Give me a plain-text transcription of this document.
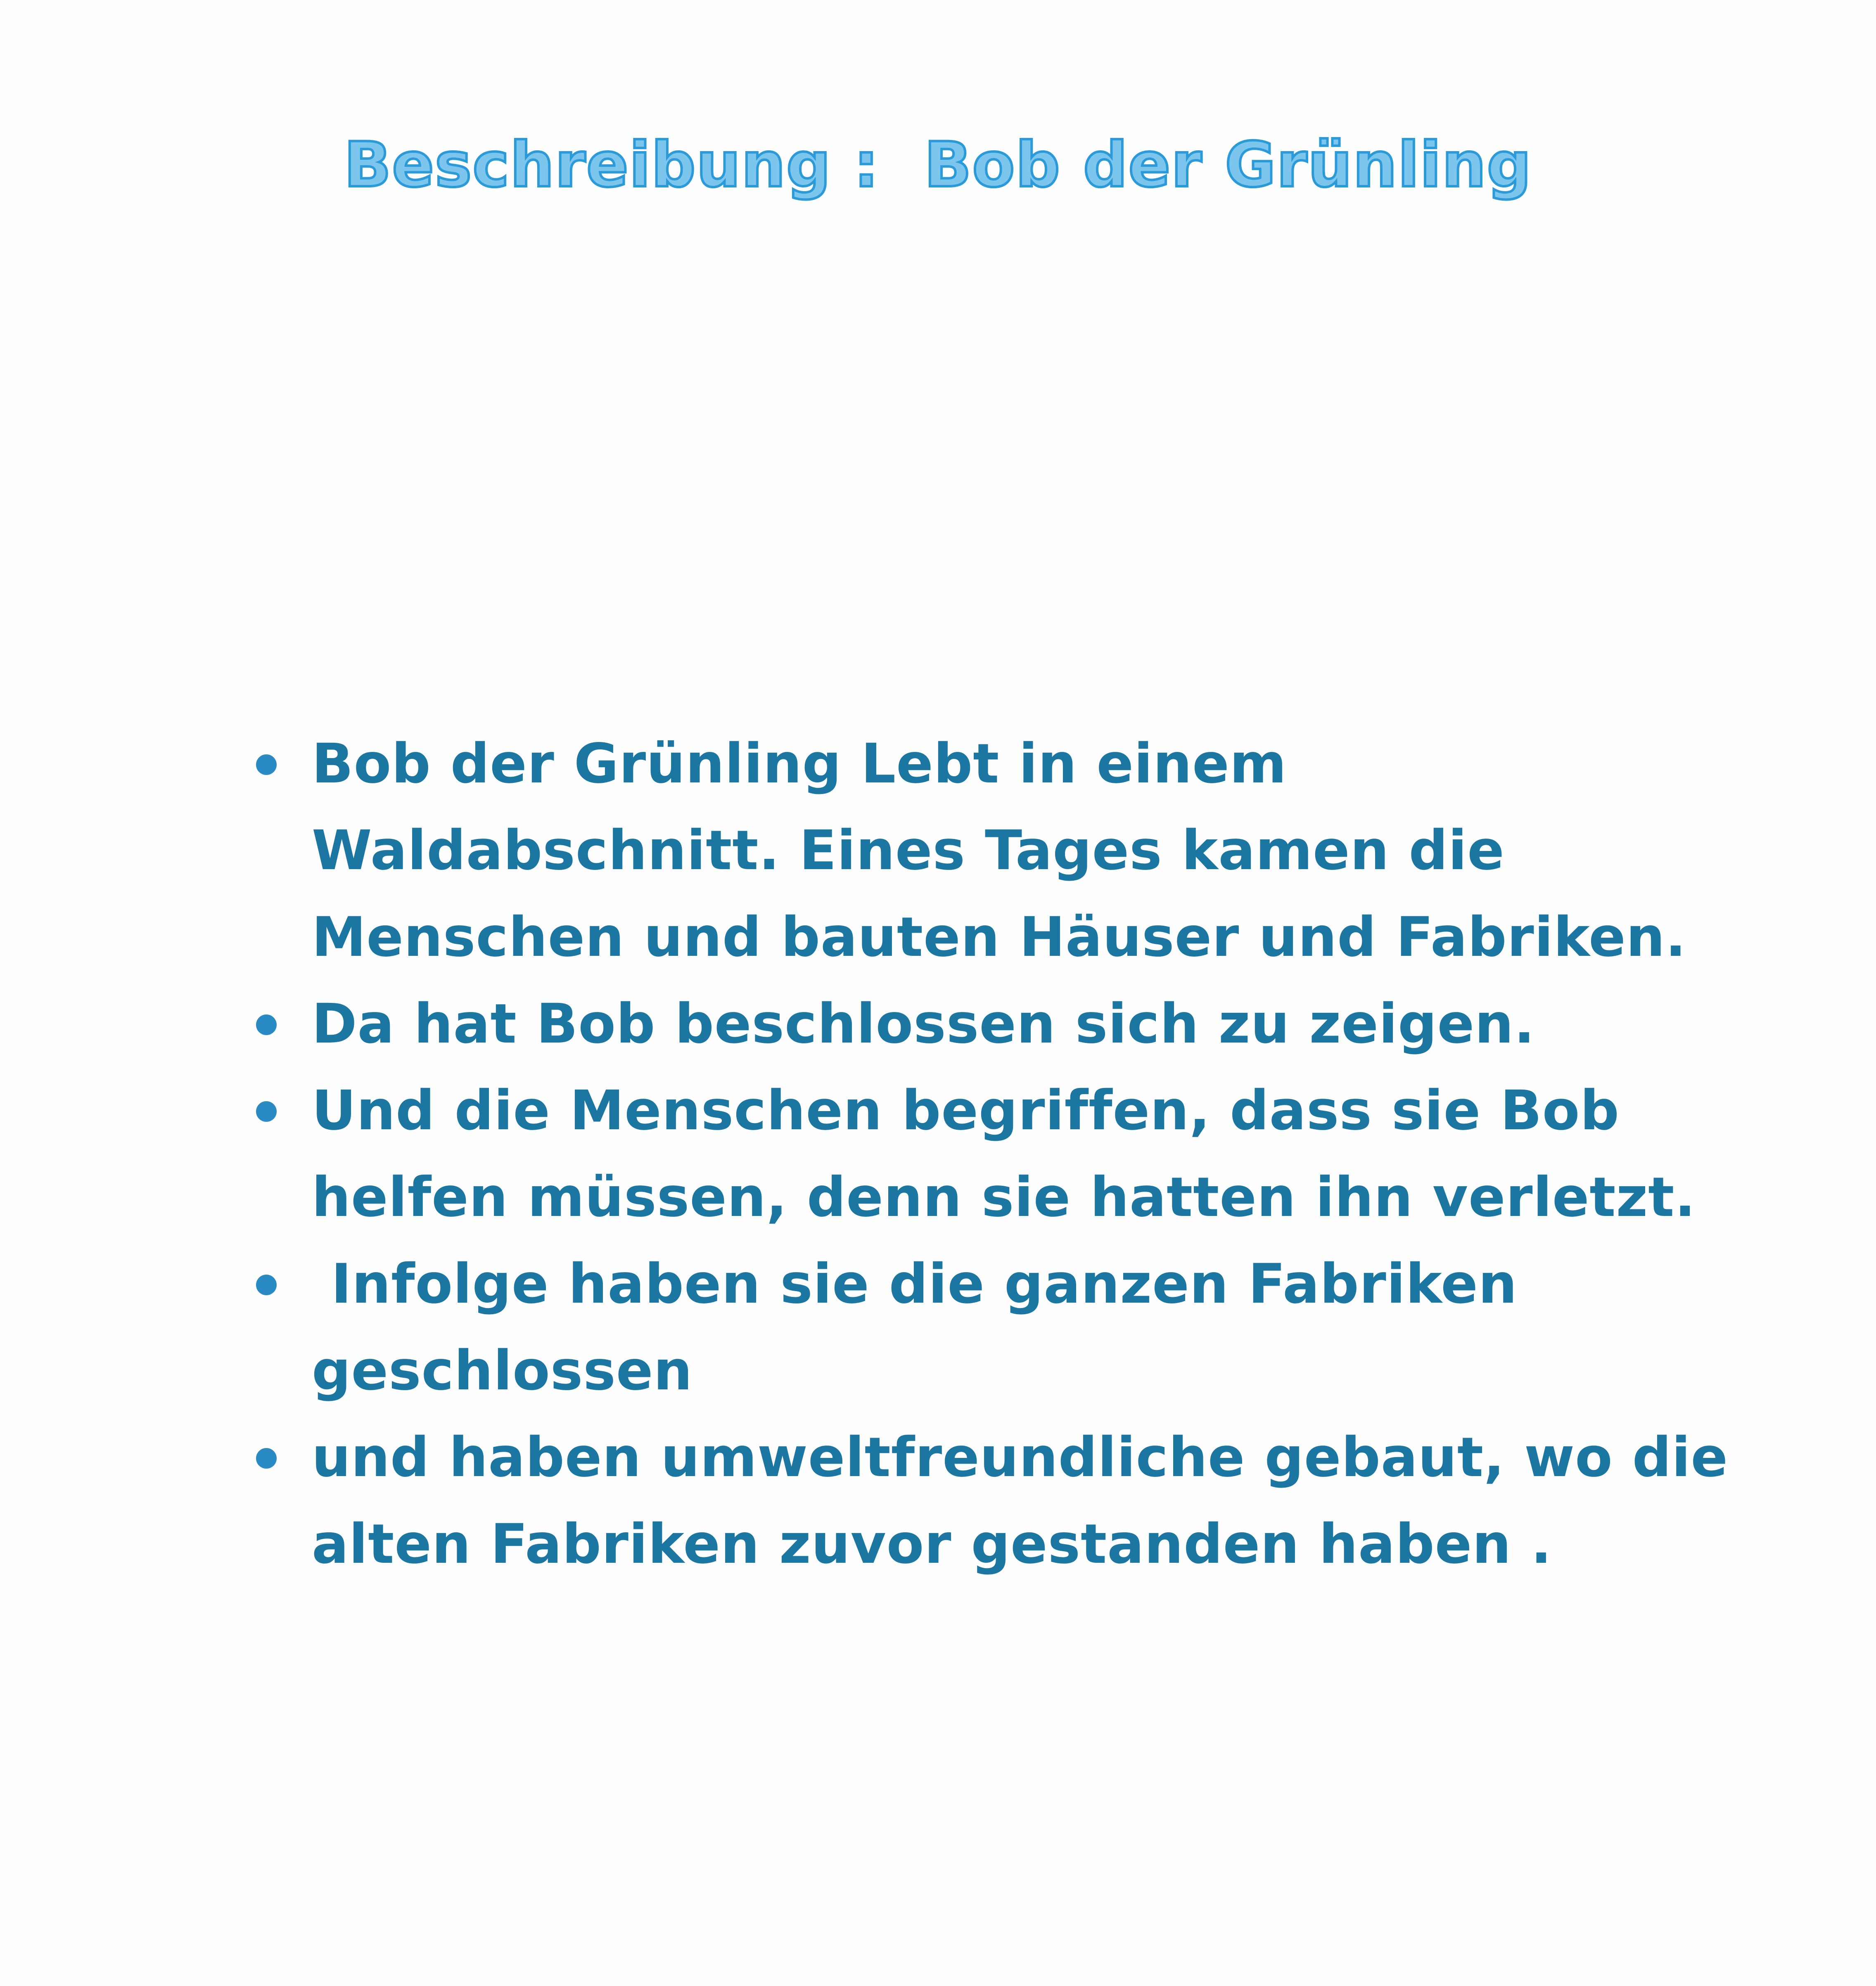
Beschreibung :  Bob der Grünling
Bob der Grünling Lebt in einem
Waldabschnitt. Eines Tages kamen die
Menschen und bauten Häuser und Fabriken.
Da hat Bob beschlossen sich zu zeigen.
Und die Menschen begriffen, dass sie Bob
helfen müssen, denn sie hatten ihn verletzt.
Infolge haben sie die ganzen Fabriken
geschlossen
und haben umweltfreundliche gebaut, wo die
alten Fabriken zuvor gestanden haben .
